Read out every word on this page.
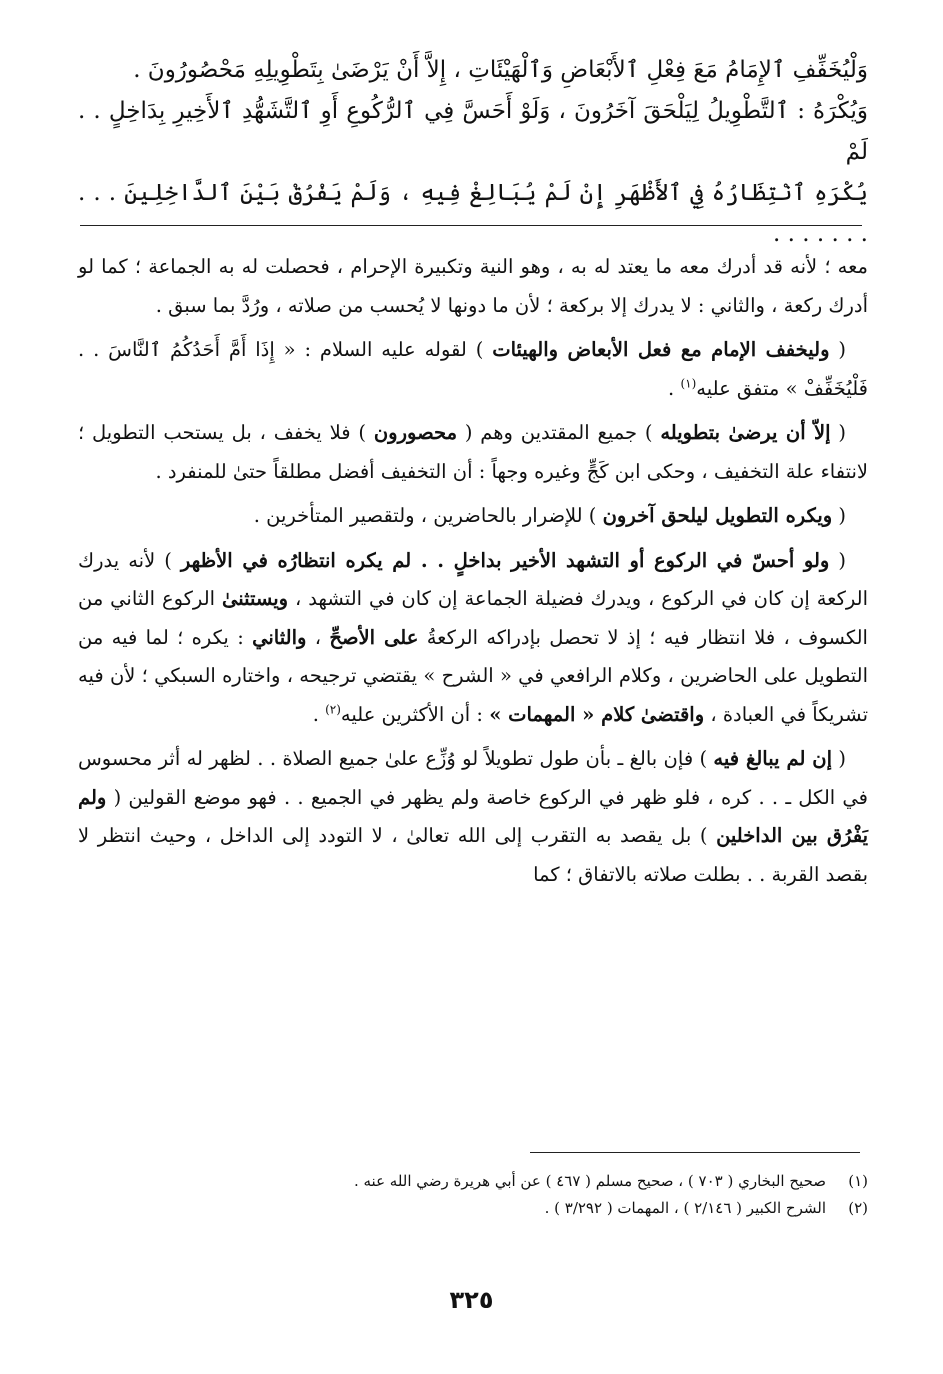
وَلْيُخَفِّفِ ٱلإِمَامُ مَعَ فِعْلِ ٱلأَبْعَاضِ وَٱلْهَيْئَاتِ ، إِلاَّ أَنْ يَرْضَىٰ بِتَطْوِيلِهِ مَحْصُورُونَ .

وَيُكْرَهُ : ٱلتَّطْوِيلُ لِيَلْحَقَ آخَرُونَ ، وَلَوْ أَحَسَّ فِي ٱلرُّكُوعِ أَوِ ٱلتَّشَهُّدِ ٱلأَخِيرِ بِدَاخِلٍ . . لَمْ

يُكْرَهِ ٱنْتِظَارُهُ فِي ٱلأَظْهَرِ إِنْ لَمْ يُبَالِغْ فِيهِ ، وَلَمْ يَفْرُقْ بَيْنَ ٱلدَّاخِلِينَ . . . . . . . . . .

معه ؛ لأنه قد أدرك معه ما يعتد له به ، وهو النية وتكبيرة الإحرام ، فحصلت له به الجماعة ؛ كما لو أدرك ركعة ، والثاني : لا يدرك إلا بركعة ؛ لأن ما دونها لا يُحسب من صلاته ، ورُدَّ بما سبق .

( وليخفف الإمام مع فعل الأبعاض والهيئات ) لقوله عليه السلام : « إِذَا أَمَّ أَحَدُكُمُ ٱلنَّاسَ . . فَلْيُخَفِّفْ » متفق عليه$^{(١)}$ .

( إلاّ أن يرضىٰ بتطويله ) جميع المقتدين وهم ( محصورون ) فلا يخفف ، بل يستحب التطويل ؛ لانتفاء علة التخفيف ، وحكى ابن كَجٍّ وغيره وجهاً : أن التخفيف أفضل مطلقاً حتىٰ للمنفرد .

( ويكره التطويل ليلحق آخرون ) للإضرار بالحاضرين ، ولتقصير المتأخرين .

( ولو أحسّ في الركوع أو التشهد الأخير بداخلٍ . . لم يكره انتظارُه في الأظهر ) لأنه يدرك الركعة إن كان في الركوع ، ويدرك فضيلة الجماعة إن كان في التشهد ، ويستثنىٰ الركوع الثاني من الكسوف ، فلا انتظار فيه ؛ إذ لا تحصل بإدراكه الركعةُ على الأصحِّ ، والثاني : يكره ؛ لما فيه من التطويل على الحاضرين ، وكلام الرافعي في « الشرح » يقتضي ترجيحه ، واختاره السبكي ؛ لأن فيه تشريكاً في العبادة ، واقتضىٰ كلام « المهمات » : أن الأكثرين عليه$^{(٢)}$ .

( إن لم يبالغ فيه ) فإن بالغ ـ بأن طول تطويلاً لو وُزِّع علىٰ جميع الصلاة . . لظهر له أثر محسوس في الكل ـ . . كره ، فلو ظهر في الركوع خاصة ولم يظهر في الجميع . . فهو موضع القولين ( ولم يَفْرُق بين الداخلين ) بل يقصد به التقرب إلى الله تعالىٰ ، لا التودد إلى الداخل ، وحيث انتظر لا بقصد القربة . . بطلت صلاته بالاتفاق ؛ كما

(١)
صحيح البخاري ( ٧٠٣ ) ، صحيح مسلم ( ٤٦٧ ) عن أبي هريرة رضي الله عنه .
(٢)
الشرح الكبير ( ٢/١٤٦ ) ، المهمات ( ٣/٢٩٢ ) .
٣٢٥
